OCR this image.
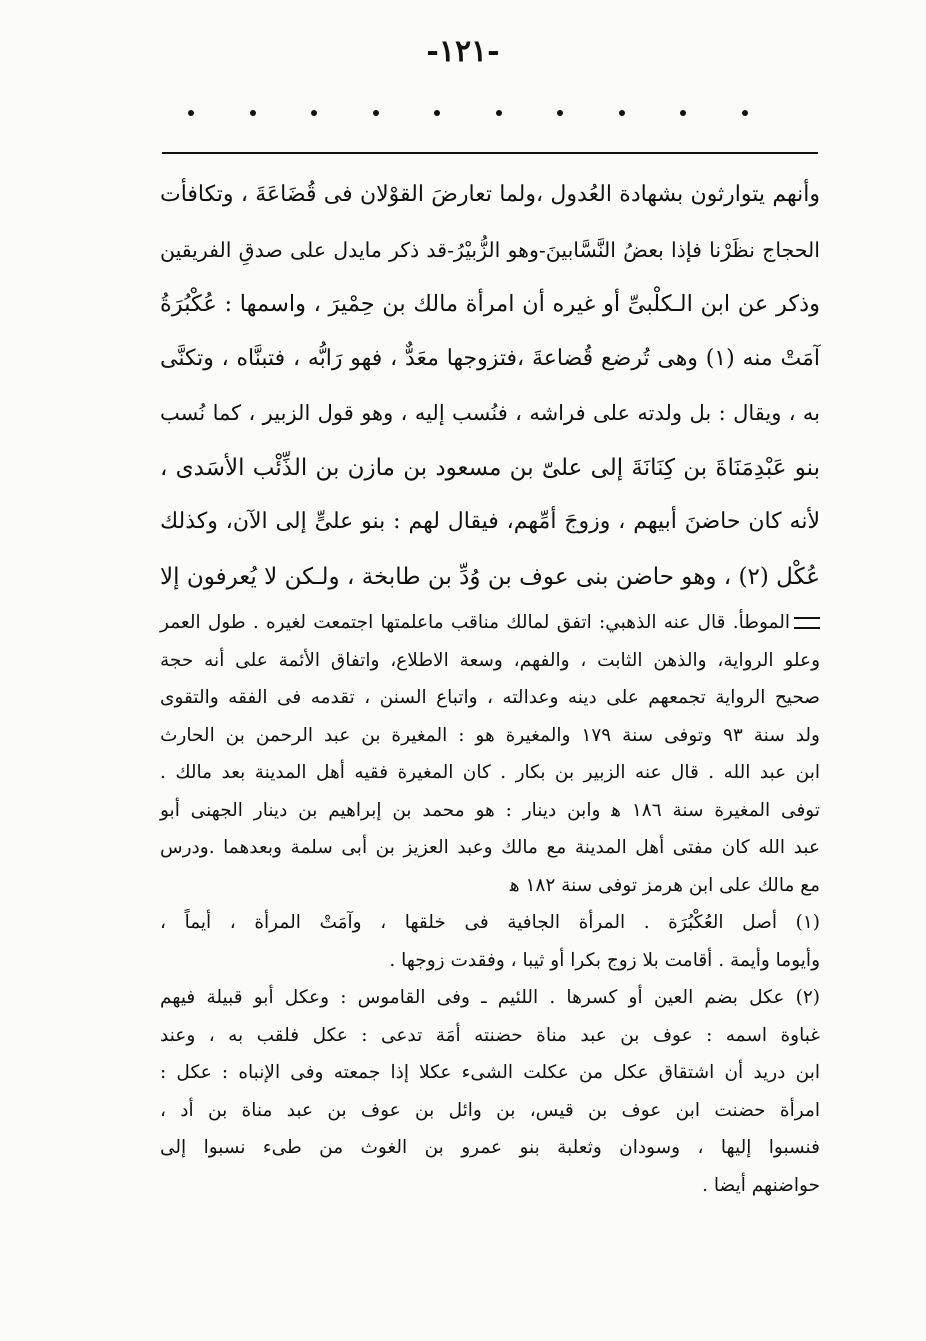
-١٢١-
وأنهم يتوارثون بشهادة العُدول ،ولما تعارضَ القوْلان فى قُضَاعَةَ ، وتكافأت
الحجاج نظَرْنا فإذا بعضُ النَّسَّابينَ-وهو الزُّبيْرُ-قد ذكر مايدل على صدقِ الفريقين
وذكر عن ابن الـكلْبىِّ أو غيره أن امرأة مالك بن حِمْيرَ ، واسمها : عُكْبُرَةُ
آمَتْ منه (١) وهى تُرضع قُضاعةَ ،فتزوجها معَدٌّ ، فهو رَابُّه ، فتبنَّاه ، وتكنَّى
به ، ويقال : بل ولدته على فراشه ، فنُسب إليه ، وهو قول الزبير ، كما نُسب
بنو عَبْدِمَنَاةَ بن كِنَانَةَ إلى علىّ بن مسعود بن مازن بن الذِّئْب الأسَدى ،
لأنه كان حاضنَ أبيهم ، وزوجَ أمِّهم، فيقال لهم : بنو علىٍّ إلى الآن، وكذلك
عُكْل (٢) ، وهو حاضن بنى عوف بن وُدِّ بن طابخة ، ولـكن لا يُعرفون إلا
الموطأ. قال عنه الذهبي: اتفق لمالك مناقب ماعلمتها اجتمعت لغيره . طول العمر
وعلو الرواية، والذهن الثابت ، والفهم، وسعة الاطلاع، واتفاق الأئمة على أنه حجة
صحيح الرواية تجمعهم على دينه وعدالته ، واتباع السنن ، تقدمه فى الفقه والتقوى
ولد سنة ٩٣ وتوفى سنة ١٧٩ والمغيرة هو : المغيرة بن عبد الرحمن بن الحارث
ابن عبد الله . قال عنه الزبير بن بكار . كان المغيرة فقيه أهل المدينة بعد مالك .
توفى المغيرة سنة ١٨٦ ﻫ وابن دينار : هو محمد بن إبراهيم بن دينار الجهنى أبو
عبد الله كان مفتى أهل المدينة مع مالك وعبد العزيز بن أبى سلمة وبعدهما .ودرس
مع مالك على ابن هرمز توفى سنة ١٨٢ ﻫ
(١) أصل العُكْبُرَة . المرأة الجافية فى خلقها ، وآمَتْ المرأة ، أيماً ،
وأيوما وأيمة . أقامت بلا زوج بكرا أو ثيبا ، وفقدت زوجها .
(٢) عكل بضم العين أو كسرها . اللئيم ـ وفى القاموس : وعكل أبو قبيلة فيهم
غباوة اسمه : عوف بن عبد مناة حضنته أمَة تدعى : عكل فلقب به ، وعند
ابن دريد أن اشتقاق عكل من عكلت الشىء عكلا إذا جمعته وفى الإنباه : عكل :
امرأة حضنت ابن عوف بن قيس، بن وائل بن عوف بن عبد مناة بن أد ،
فنسبوا إليها ، وسودان وثعلبة بنو عمرو بن الغوث من طىء نسبوا إلى
حواضنهم أيضا .
